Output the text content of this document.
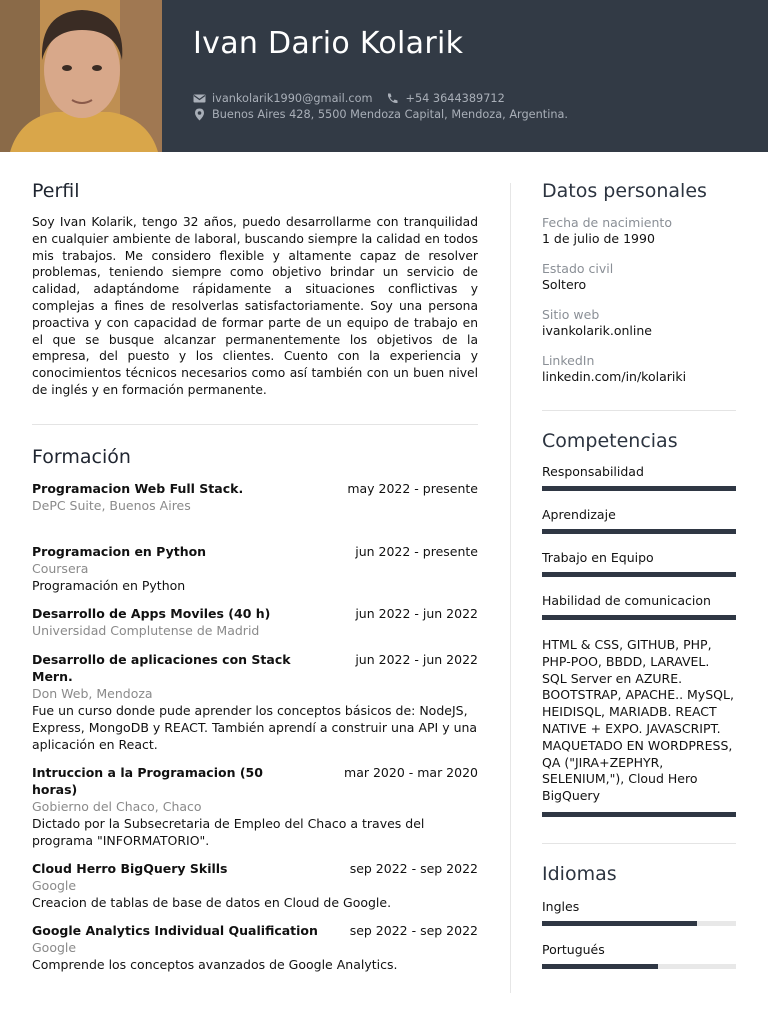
Ivan Dario Kolarik
ivankolarik1990@gmail.com	+54 3644389712
Buenos Aires 428, 5500 Mendoza Capital, Mendoza, Argentina.
Perfil

Soy Ivan Kolarik, tengo 32 años, puedo desarrollarme con tranquilidad en cualquier ambiente de laboral, buscando siempre la calidad en todos mis trabajos. Me considero flexible y altamente capaz de resolver problemas, teniendo siempre como objetivo brindar un servicio de calidad, adaptándome rápidamente a situaciones conflictivas y complejas a fines de resolverlas satisfactoriamente. Soy una persona proactiva y con capacidad de formar parte de un equipo de trabajo en el que se busque alcanzar permanentemente los objetivos de la empresa, del puesto y los clientes. Cuento con la experiencia y conocimientos técnicos necesarios como así también con un buen nivel de inglés y en formación permanente.

Formación
Programacion Web Full Stack.	may 2022 - presente
DePC Suite, Buenos Aires
Programacion en Python	jun 2022 - presente
Coursera
Programación en Python
Desarrollo de Apps Moviles (40 h)	jun 2022 - jun 2022
Universidad Complutense de Madrid
Desarrollo de aplicaciones con Stack Mern.
jun 2022 - jun 2022
Don Web, Mendoza
Fue un curso donde pude aprender los conceptos básicos de: NodeJS, Express, MongoDB y REACT. También aprendí a construir una API y una aplicación en React.
Intruccion a la Programacion (50 horas)
mar 2020 - mar 2020
Gobierno del Chaco, Chaco
Dictado por la Subsecretaria de Empleo del Chaco a traves del programa "INFORMATORIO".
Cloud Herro BigQuery Skills	sep 2022 - sep 2022
Google
Creacion de tablas de base de datos en Cloud de Google.
Google Analytics Individual Qualification	sep 2022 - sep 2022
Google
Comprende los conceptos avanzados de Google Analytics.
Datos personales
Fecha de nacimiento
1 de julio de 1990
Estado civil
Soltero
Sitio web
ivankolarik.online
LinkedIn
linkedin.com/in/kolariki
Competencias
Responsabilidad
Aprendizaje
Trabajo en Equipo
Habilidad de comunicacion
HTML & CSS, GITHUB, PHP, PHP-POO, BBDD, LARAVEL. SQL Server en AZURE. BOOTSTRAP, APACHE.. MySQL, HEIDISQL, MARIADB. REACT NATIVE + EXPO. JAVASCRIPT. MAQUETADO EN WORDPRESS, QA ("JIRA+ZEPHYR, SELENIUM,"), Cloud Hero BigQuery
Idiomas
Ingles
Portugués
